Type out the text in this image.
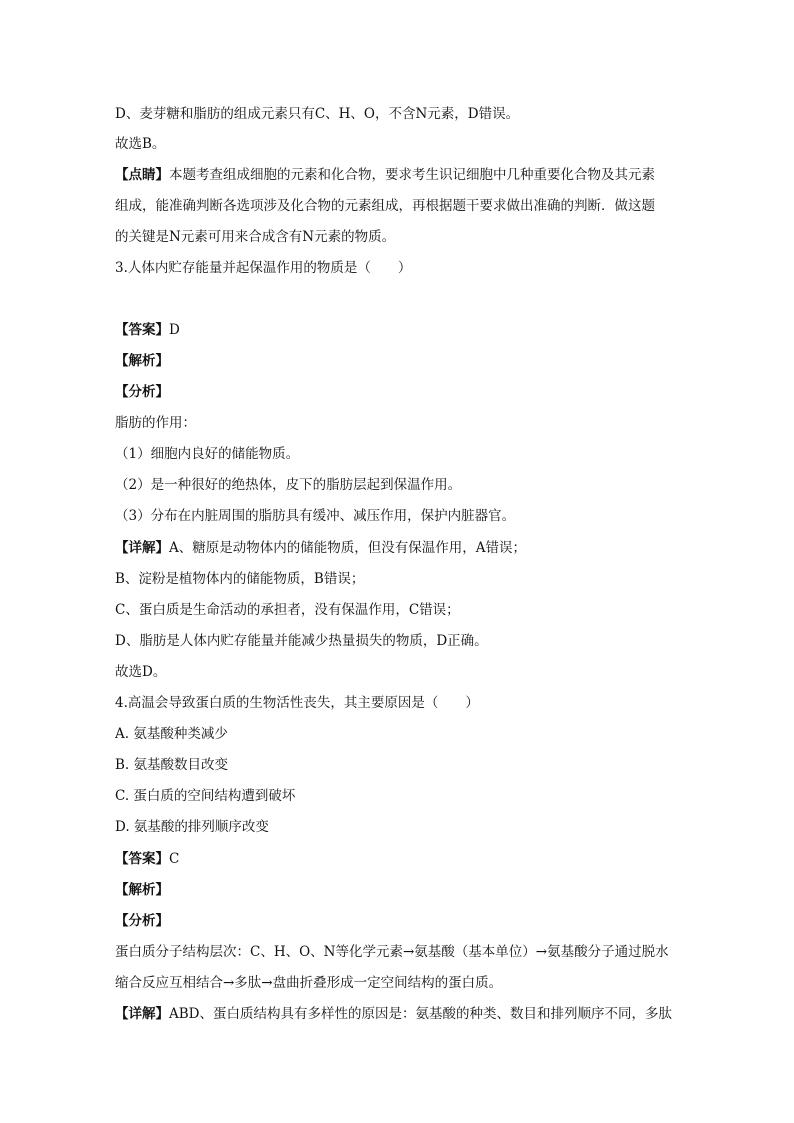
D、麦芽糖和脂肪的组成元素只有C、H、O，不含N元素，D错误。
故选B。
【点睛】本题考查组成细胞的元素和化合物，要求考生识记细胞中几种重要化合物及其元素
组成，能准确判断各选项涉及化合物的元素组成，再根据题干要求做出准确的判断．做这题
的关键是N元素可用来合成含有N元素的物质。
3.人体内贮存能量并起保温作用的物质是（　　）
【答案】D
【解析】
【分析】
脂肪的作用：
（1）细胞内良好的储能物质。
（2）是一种很好的绝热体，皮下的脂肪层起到保温作用。
（3）分布在内脏周围的脂肪具有缓冲、减压作用，保护内脏器官。
【详解】A、糖原是动物体内的储能物质，但没有保温作用，A错误；
B、淀粉是植物体内的储能物质，B错误；
C、蛋白质是生命活动的承担者，没有保温作用，C错误；
D、脂肪是人体内贮存能量并能减少热量损失的物质，D正确。
故选D。
4.高温会导致蛋白质的生物活性丧失，其主要原因是（　　）
A. 氨基酸种类减少
B. 氨基酸数目改变
C. 蛋白质的空间结构遭到破坏
D. 氨基酸的排列顺序改变
【答案】C
【解析】
【分析】
蛋白质分子结构层次：C、H、O、N等化学元素→氨基酸（基本单位）→氨基酸分子通过脱水
缩合反应互相结合→多肽→盘曲折叠形成一定空间结构的蛋白质。
【详解】ABD、蛋白质结构具有多样性的原因是：氨基酸的种类、数目和排列顺序不同，多肽
